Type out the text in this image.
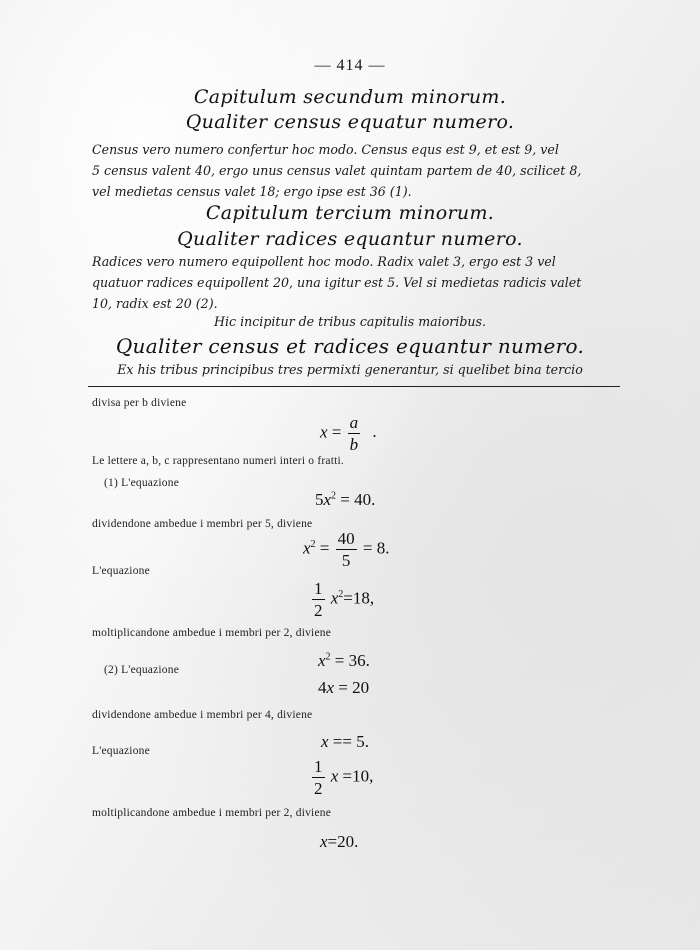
— 414 —
Capitulum secundum minorum.
Qualiter census equatur numero.
Census vero numero confertur hoc modo. Census equs est 9, et est 9, vel
5 census valent 40, ergo unus census valet quintam partem de 40, scilicet 8,
vel medietas census valet 18; ergo ipse est 36 (1).
Capitulum tercium minorum.
Qualiter radices equantur numero.
Radices vero numero equipollent hoc modo. Radix valet 3, ergo est 3 vel
quatuor radices equipollent 20, una igitur est 5. Vel si medietas radicis valet
10, radix est 20 (2).
Hic incipitur de tribus capitulis maioribus.
Qualiter census et radices equantur numero.
Ex his tribus principibus tres permixti generantur, si quelibet bina tercio
divisa per b diviene
$x = \frac{a}{b}$ .
Le lettere a, b, c rappresentano numeri interi o fratti.
(1) L'equazione
$5x^2 = 40$.
dividendone ambedue i membri per 5, diviene
$x^2 = \frac{40}{5} = 8$.
L'equazione
$\frac{1}{2} x^2=18$,
moltiplicandone ambedue i membri per 2, diviene
$x^2 = 36$.
(2) L'equazione
4x = 20
dividendone ambedue i membri per 4, diviene
x == 5.
L'equazione
$\frac{1}{2}$ x =10,
moltiplicandone ambedue i membri per 2, diviene
x=20.
